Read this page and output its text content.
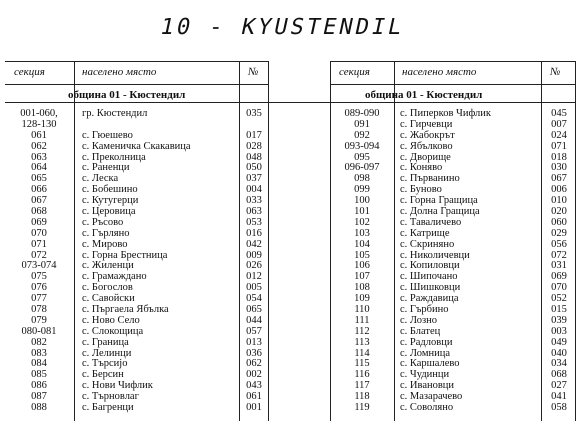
10 - KYUSTENDIL
секция	населено място	№	секция	населено място	№
община 01 - Кюстендил	община 01 - Кюстендил
001-060,	гр. Кюстендил	035
128-130
061	с. Гюешево	017
062	с. Каменичка Скакавица	028
063	с. Преколница	048
064	с. Раненци	050
065	с. Леска	037
066	с. Бобешино	004
067	с. Кутугерци	033
068	с. Церовица	063
069	с. Ръсово	053
070	с. Гърляно	016
071	с. Мирово	042
072	с. Горна Брестница	009
073-074	с. Жиленци	026
075	с. Грамаждано	012
076	с. Богослов	005
077	с. Савойски	054
078	с. Пъргаела Ябълка	065
079	с. Ново Село	044
080-081	с. Слокощица	057
082	с. Граница	013
083	с. Лелинци	036
084	с. Търсиjо	062
085	с. Берсин	002
086	с. Нови Чифлик	043
087	с. Търновлаг	061
088	с. Багренци	001
089-090	с. Пиперков Чифлик	045
091	с. Гирчевци	007
092	с. Жабокрът	024
093-094	с. Ябълково	071
095	с. Дворище	018
096-097	с. Коняво	030
098	с. Първанино	067
099	с. Буново	006
100	с. Горна Гращица	010
101	с. Долна Гращица	020
102	с. Таваличево	060
103	с. Катрище	029
104	с. Скриняно	056
105	с. Николичевци	072
106	с. Копиловци	031
107	с. Шипочано	069
108	с. Шишковци	070
109	с. Раждавица	052
110	с. Гърбино	015
111	с. Лозно	039
112	с. Блатец	003
113	с. Радловци	049
114	с. Ломница	040
115	с. Каршалево	034
116	с. Чудинци	068
117	с. Ивановци	027
118	с. Мазарачево	041
119	с. Соволяно	058
